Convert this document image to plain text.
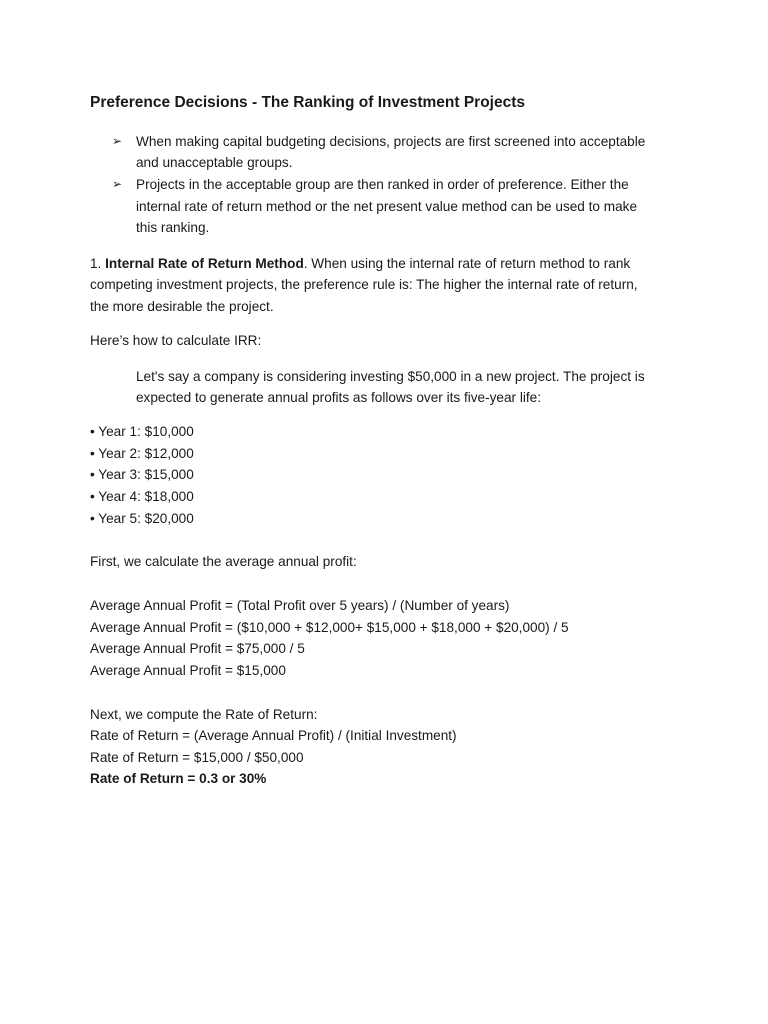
Preference Decisions - The Ranking of Investment Projects
➢ When making capital budgeting decisions, projects are first screened into acceptable
and unacceptable groups.
➢ Projects in the acceptable group are then ranked in order of preference. Either the
internal rate of return method or the net present value method can be used to make
this ranking.
1. Internal Rate of Return Method. When using the internal rate of return method to rank
competing investment projects, the preference rule is: The higher the internal rate of return,
the more desirable the project.
Here’s how to calculate IRR:
Let's say a company is considering investing $50,000 in a new project. The project is
expected to generate annual profits as follows over its five-year life:
• Year 1: $10,000
• Year 2: $12,000
• Year 3: $15,000
• Year 4: $18,000
• Year 5: $20,000
First, we calculate the average annual profit:
Average Annual Profit = (Total Profit over 5 years) / (Number of years)
Average Annual Profit = ($10,000 + $12,000+ $15,000 + $18,000 + $20,000) / 5
Average Annual Profit = $75,000 / 5
Average Annual Profit = $15,000
Next, we compute the Rate of Return:
Rate of Return = (Average Annual Profit) / (Initial Investment)
Rate of Return = $15,000 / $50,000
Rate of Return = 0.3 or 30%
